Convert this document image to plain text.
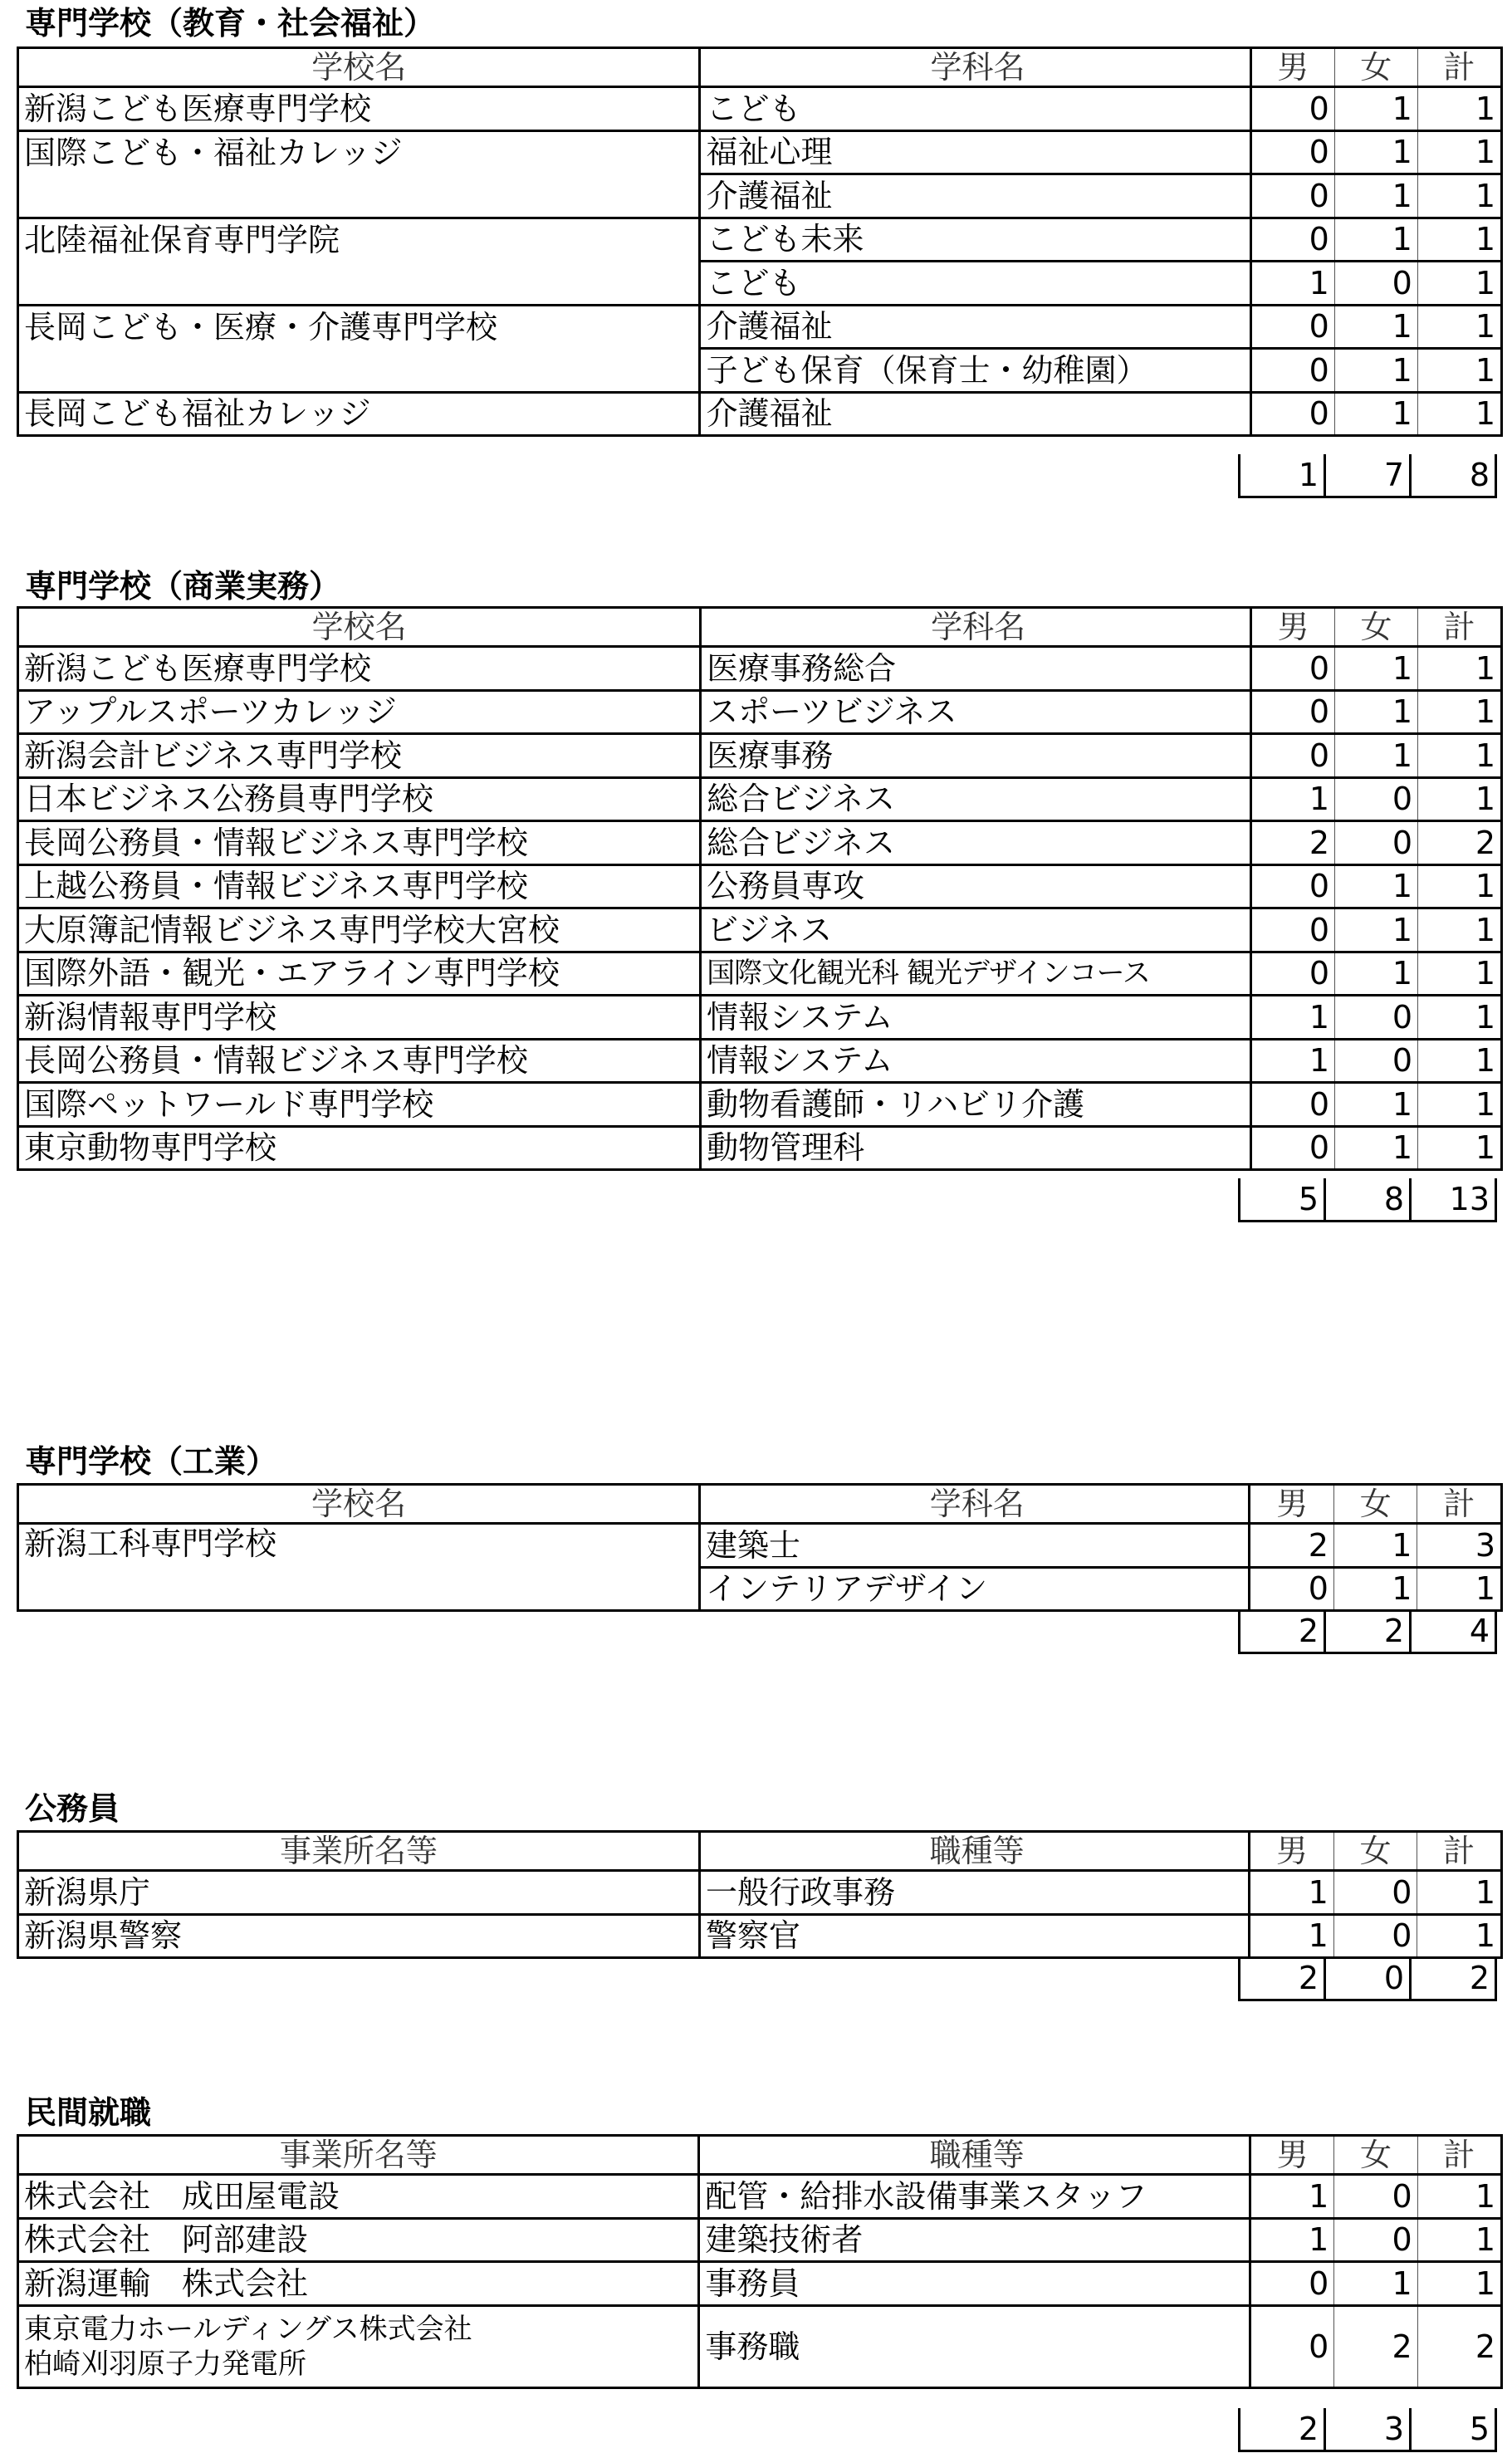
専門学校（教育・社会福祉）
学校名	学科名	男	女	計
新潟こども医療専門学校	こども	0	1	1
国際こども・福祉カレッジ	福祉心理	0	1	1
	介護福祉	0	1	1
北陸福祉保育専門学院	こども未来	0	1	1
	こども	1	0	1
長岡こども・医療・介護専門学校	介護福祉	0	1	1
	子ども保育（保育士・幼稚園）	0	1	1
長岡こども福祉カレッジ	介護福祉	0	1	1
1	7	8
専門学校（商業実務）
学校名	学科名	男	女	計
新潟こども医療専門学校	医療事務総合	0	1	1
アップルスポーツカレッジ	スポーツビジネス	0	1	1
新潟会計ビジネス専門学校	医療事務	0	1	1
日本ビジネス公務員専門学校	総合ビジネス	1	0	1
長岡公務員・情報ビジネス専門学校	総合ビジネス	2	0	2
上越公務員・情報ビジネス専門学校	公務員専攻	0	1	1
大原簿記情報ビジネス専門学校大宮校	ビジネス	0	1	1
国際外語・観光・エアライン専門学校	国際文化観光科 観光デザインコース	0	1	1
新潟情報専門学校	情報システム	1	0	1
長岡公務員・情報ビジネス専門学校	情報システム	1	0	1
国際ペットワールド専門学校	動物看護師・リハビリ介護	0	1	1
東京動物専門学校	動物管理科	0	1	1
5	8	13
専門学校（工業）
学校名	学科名	男	女	計
新潟工科専門学校	建築士	2	1	3
	インテリアデザイン	0	1	1
2	2	4
公務員
事業所名等	職種等	男	女	計
新潟県庁	一般行政事務	1	0	1
新潟県警察	警察官	1	0	1
2	0	2
民間就職
事業所名等	職種等	男	女	計
株式会社　成田屋電設	配管・給排水設備事業スタッフ	1	0	1
株式会社　阿部建設	建築技術者	1	0	1
新潟運輸　株式会社	事務員	0	1	1

東京電力ホールディングス株式会社
柏崎刈羽原子力発電所	事務職	0	2	2
2	3	5
